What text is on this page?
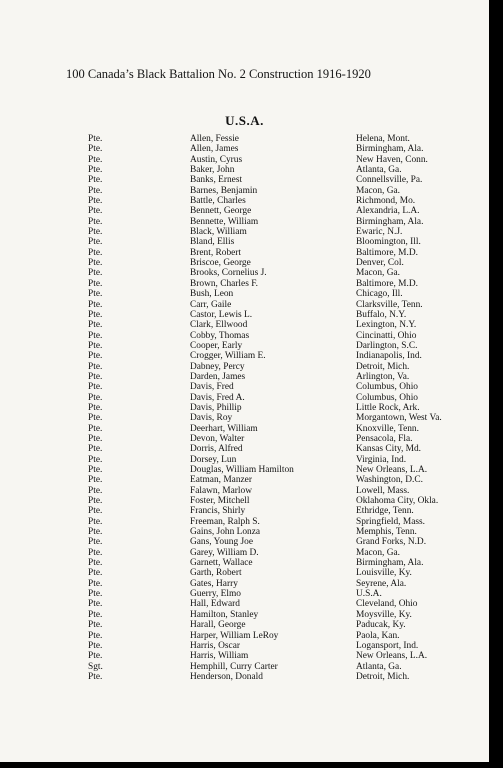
100 Canada’s Black Battalion No. 2 Construction 1916-1920
U.S.A.
Pte.	Allen, Fessie	Helena, Mont.
Pte.	Allen, James	Birmingham, Ala.
Pte.	Austin, Cyrus	New Haven, Conn.
Pte.	Baker, John	Atlanta, Ga.
Pte.	Banks, Ernest	Connellsville, Pa.
Pte.	Barnes, Benjamin	Macon, Ga.
Pte.	Battle, Charles	Richmond, Mo.
Pte.	Bennett, George	Alexandria, L.A.
Pte.	Bennette, William	Birmingham, Ala.
Pte.	Black, William	Ewaric, N.J.
Pte.	Bland, Ellis	Bloomington, Ill.
Pte.	Brent, Robert	Baltimore, M.D.
Pte.	Briscoe, George	Denver, Col.
Pte.	Brooks, Cornelius J.	Macon, Ga.
Pte.	Brown, Charles F.	Baltimore, M.D.
Pte.	Bush, Leon	Chicago, Ill.
Pte.	Carr, Gaile	Clarksville, Tenn.
Pte.	Castor, Lewis L.	Buffalo, N.Y.
Pte.	Clark, Ellwood	Lexington, N.Y.
Pte.	Cobby, Thomas	Cincinatti, Ohio
Pte.	Cooper, Early	Darlington, S.C.
Pte.	Crogger, William E.	Indianapolis, Ind.
Pte.	Dabney, Percy	Detroit, Mich.
Pte.	Darden, James	Arlington, Va.
Pte.	Davis, Fred	Columbus, Ohio
Pte.	Davis, Fred A.	Columbus, Ohio
Pte.	Davis, Phillip	Little Rock, Ark.
Pte.	Davis, Roy	Morgantown, West Va.
Pte.	Deerhart, William	Knoxville, Tenn.
Pte.	Devon, Walter	Pensacola, Fla.
Pte.	Dorris, Alfred	Kansas City, Md.
Pte.	Dorsey, Lun	Virginia, Ind.
Pte.	Douglas, William Hamilton	New Orleans, L.A.
Pte.	Eatman, Manzer	Washington, D.C.
Pte.	Falawn, Marlow	Lowell, Mass.
Pte.	Foster, Mitchell	Oklahoma City, Okla.
Pte.	Francis, Shirly	Ethridge, Tenn.
Pte.	Freeman, Ralph S.	Springfield, Mass.
Pte.	Gains, John Lonza	Memphis, Tenn.
Pte.	Gans, Young Joe	Grand Forks, N.D.
Pte.	Garey, William D.	Macon, Ga.
Pte.	Garnett, Wallace	Birmingham, Ala.
Pte.	Garth, Robert	Louisville, Ky.
Pte.	Gates, Harry	Seyrene, Ala.
Pte.	Guerry, Elmo	U.S.A.
Pte.	Hall, Edward	Cleveland, Ohio
Pte.	Hamilton, Stanley	Moysville, Ky.
Pte.	Harall, George	Paducak, Ky.
Pte.	Harper, William LeRoy	Paola, Kan.
Pte.	Harris, Oscar	Logansport, Ind.
Pte.	Harris, William	New Orleans, L.A.
Sgt.	Hemphill, Curry Carter	Atlanta, Ga.
Pte.	Henderson, Donald	Detroit, Mich.
